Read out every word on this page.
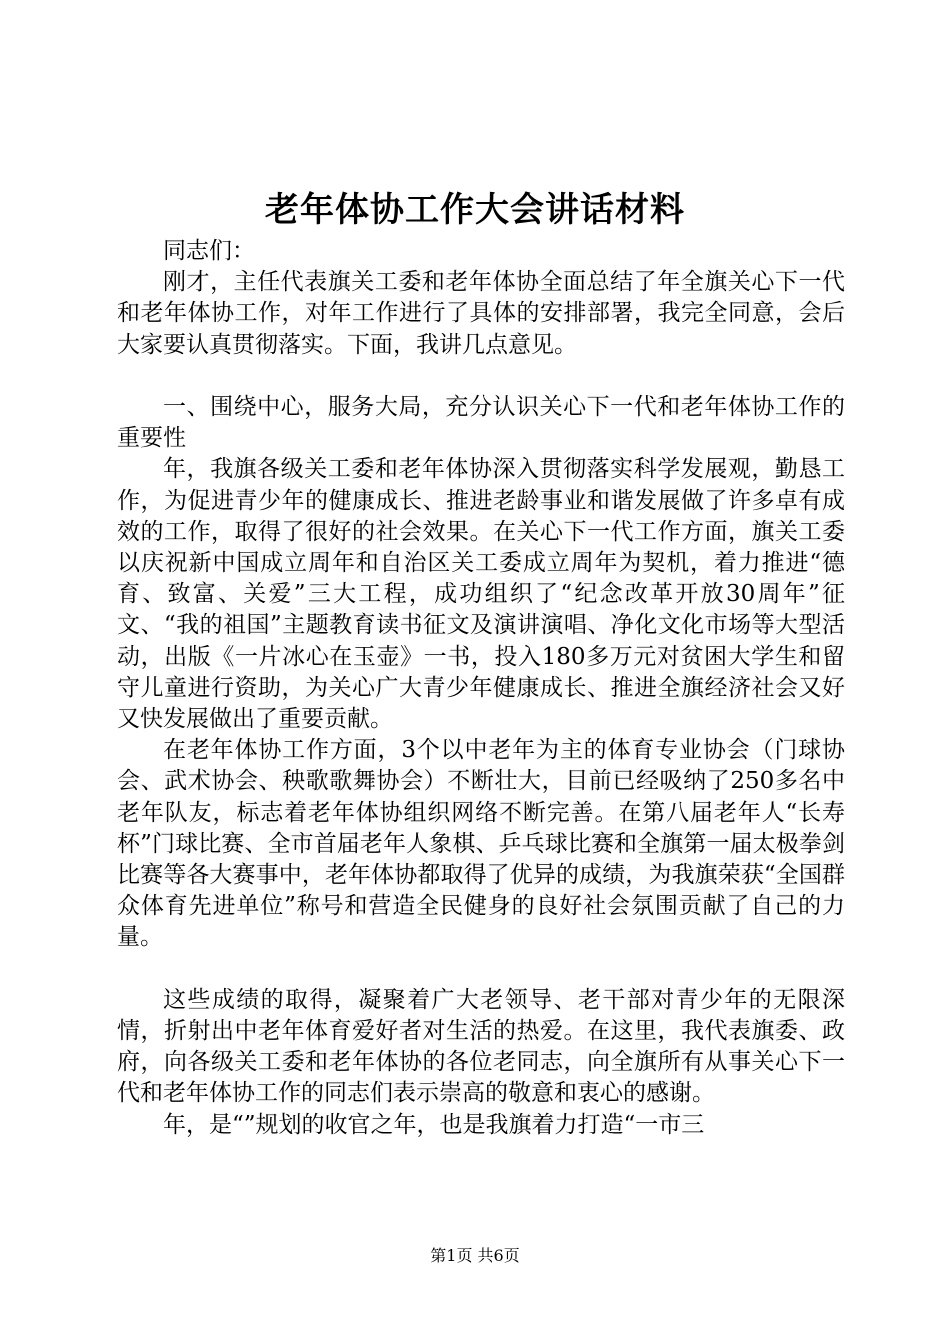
老年体协工作大会讲话材料

同志们：

刚才，主任代表旗关工委和老年体协全面总结了年全旗关心下一代和老年体协工作，对年工作进行了具体的安排部署，我完全同意，会后大家要认真贯彻落实。下面，我讲几点意见。

一、围绕中心，服务大局，充分认识关心下一代和老年体协工作的重要性

年，我旗各级关工委和老年体协深入贯彻落实科学发展观，勤恳工作，为促进青少年的健康成长、推进老龄事业和谐发展做了许多卓有成效的工作，取得了很好的社会效果。在关心下一代工作方面，旗关工委以庆祝新中国成立周年和自治区关工委成立周年为契机，着力推进“德育、致富、关爱”三大工程，成功组织了“纪念改革开放30周年”征文、“我的祖国”主题教育读书征文及演讲演唱、净化文化市场等大型活动，出版《一片冰心在玉壶》一书，投入180多万元对贫困大学生和留守儿童进行资助，为关心广大青少年健康成长、推进全旗经济社会又好又快发展做出了重要贡献。

在老年体协工作方面，3个以中老年为主的体育专业协会（门球协会、武术协会、秧歌歌舞协会）不断壮大，目前已经吸纳了250多名中老年队友，标志着老年体协组织网络不断完善。在第八届老年人“长寿杯”门球比赛、全市首届老年人象棋、乒乓球比赛和全旗第一届太极拳剑比赛等各大赛事中，老年体协都取得了优异的成绩，为我旗荣获“全国群众体育先进单位”称号和营造全民健身的良好社会氛围贡献了自己的力量。

这些成绩的取得，凝聚着广大老领导、老干部对青少年的无限深情，折射出中老年体育爱好者对生活的热爱。在这里，我代表旗委、政府，向各级关工委和老年体协的各位老同志，向全旗所有从事关心下一代和老年体协工作的同志们表示崇高的敬意和衷心的感谢。

年，是“”规划的收官之年，也是我旗着力打造“一市三

第1页 共6页
